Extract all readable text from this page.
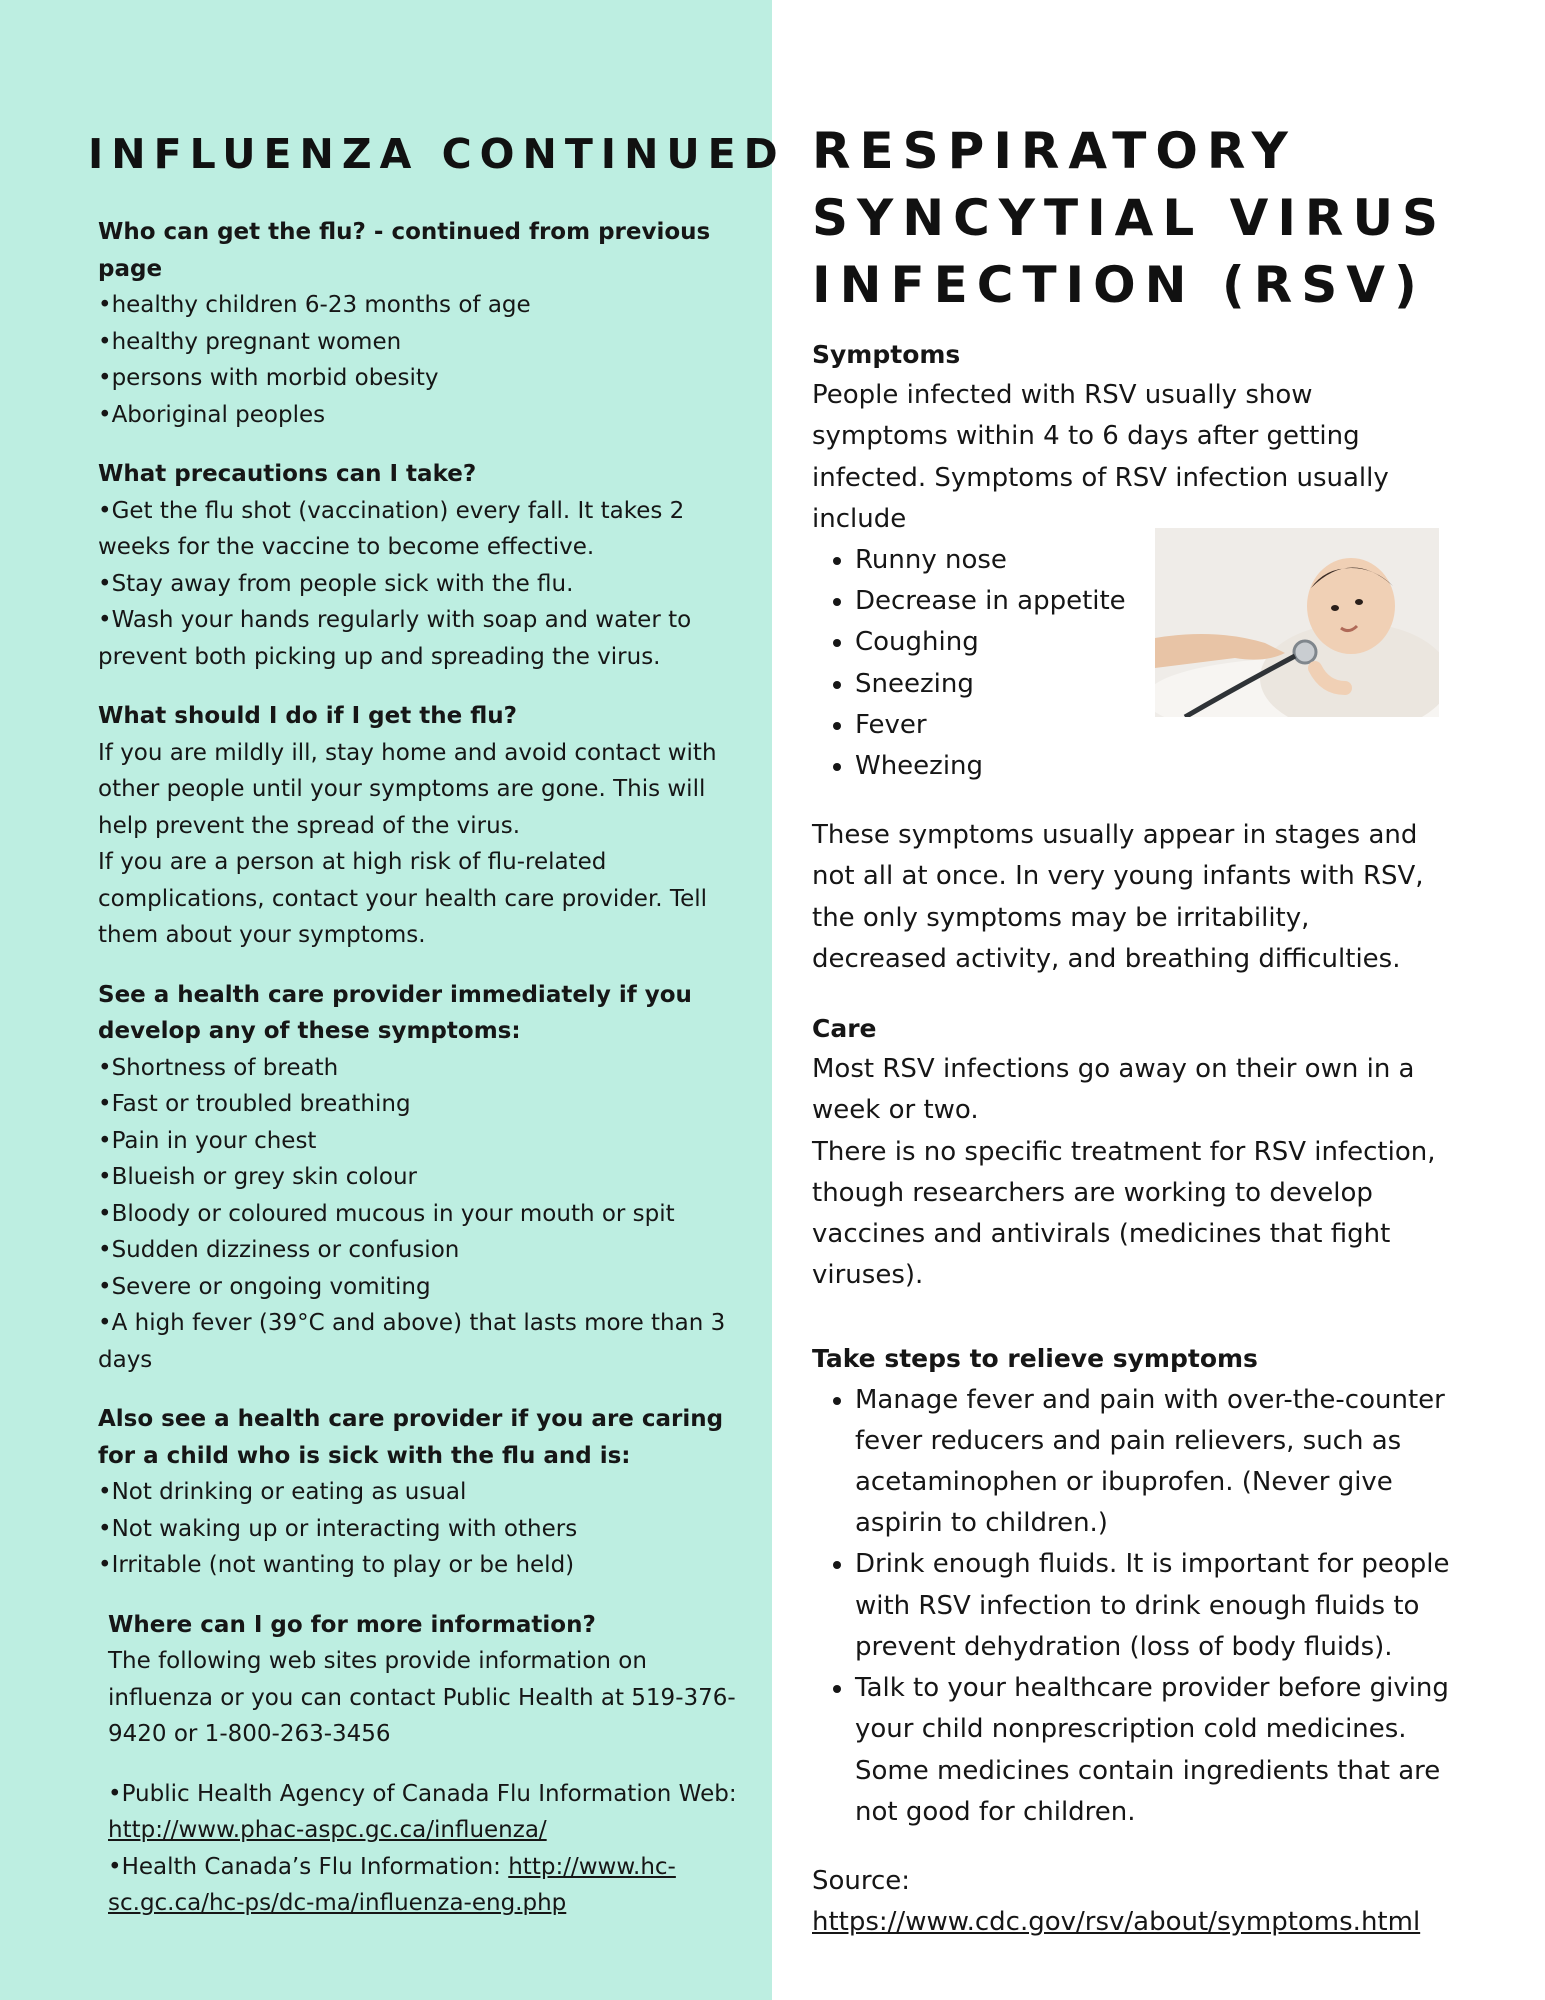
INFLUENZA CONTINUED

Who can get the flu? - continued from previous page

•healthy children 6-23 months of age

•healthy pregnant women

•persons with morbid obesity

•Aboriginal peoples

What precautions can I take?

•Get the flu shot (vaccination) every fall. It takes 2 weeks for the vaccine to become effective.

•Stay away from people sick with the flu.

•Wash your hands regularly with soap and water to prevent both picking up and spreading the virus.

What should I do if I get the flu?

If you are mildly ill, stay home and avoid contact with other people until your symptoms are gone. This will help prevent the spread of the virus.

If you are a person at high risk of flu-related complications, contact your health care provider. Tell them about your symptoms.

See a health care provider immediately if you develop any of these symptoms:

•Shortness of breath

•Fast or troubled breathing

•Pain in your chest

•Blueish or grey skin colour

•Bloody or coloured mucous in your mouth or spit

•Sudden dizziness or confusion

•Severe or ongoing vomiting

•A high fever (39°C and above) that lasts more than 3 days

Also see a health care provider if you are caring for a child who is sick with the flu and is:

•Not drinking or eating as usual

•Not waking up or interacting with others

•Irritable (not wanting to play or be held)

Where can I go for more information?

The following web sites provide information on influenza or you can contact Public Health at 519-376-9420 or 1-800-263-3456

•Public Health Agency of Canada Flu Information Web: http://www.phac-aspc.gc.ca/influenza/

•Health Canada’s Flu Information: http://www.hc-sc.gc.ca/hc-ps/dc-ma/influenza-eng.php

RESPIRATORY
SYNCYTIAL VIRUS
INFECTION (RSV)

Symptoms

People infected with RSV usually show symptoms within 4 to 6 days after getting infected. Symptoms of RSV infection usually include

• Runny nose
• Decrease in appetite
• Coughing
• Sneezing
• Fever
• Wheezing

These symptoms usually appear in stages and not all at once. In very young infants with RSV, the only symptoms may be irritability, decreased activity, and breathing difficulties.

Care

Most RSV infections go away on their own in a week or two.

There is no specific treatment for RSV infection, though researchers are working to develop vaccines and antivirals (medicines that fight viruses).

Take steps to relieve symptoms

• Manage fever and pain with over-the-counter fever reducers and pain relievers, such as acetaminophen or ibuprofen. (Never give aspirin to children.)
• Drink enough fluids. It is important for people with RSV infection to drink enough fluids to prevent dehydration (loss of body fluids).
• Talk to your healthcare provider before giving your child nonprescription cold medicines. Some medicines contain ingredients that are not good for children.

Source:

https://www.cdc.gov/rsv/about/symptoms.html
